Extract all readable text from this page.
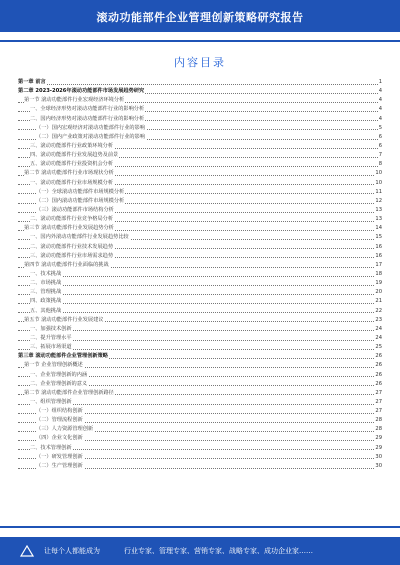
滚动功能部件企业管理创新策略研究报告
内容目录
第一章 前言	1
第二章 2023-2026年滚动功能部件市场发展趋势研究	4
第一节 滚动功能部件行业宏观经济环境分析	4
一、全球经济形势对滚动功能部件行业的影响分析	4
二、国内经济形势对滚动功能部件行业的影响分析	4
（一）国内宏观经济对滚动功能部件行业的影响	5
（二）国内产业政策对滚动功能部件行业的影响	6
三、滚动功能部件行业政策环境分析	6
四、滚动功能部件行业发展趋势及前景	7
五、滚动功能部件行业投资机会分析	8
第二节 滚动功能部件行业市场现状分析	10
一、滚动功能部件行业市场规模分析	10
（一）全球滚动功能部件市场规模分析	11
（二）国内滚动功能部件市场规模分析	12
（三）滚动功能部件市场结构分析	13
二、滚动功能部件行业竞争格局分析	13
第三节 滚动功能部件行业发展趋势分析	14
一、国内外滚动功能部件行业发展趋势比较	15
二、滚动功能部件行业技术发展趋势	16
三、滚动功能部件行业市场需求趋势	16
第四节 滚动功能部件行业面临的挑战	17
一、技术挑战	18
二、市场挑战	19
三、管理挑战	20
四、政策挑战	21
五、其他挑战	22
第五节 滚动功能部件行业发展建议	23
一、加强技术创新	24
二、提升管理水平	24
三、拓展市场渠道	25
第三章 滚动功能部件企业管理创新策略	26
第一节 企业管理创新概述	26
一、企业管理创新的内涵	26
二、企业管理创新的意义	26
第二节 滚动功能部件企业管理创新路径	27
一、组织管理创新	27
（一）组织结构创新	27
（二）管理流程创新	28
（三）人力资源管理创新	28
（四）企业文化创新	29
二、技术管理创新	29
（一）研发管理创新	30
（二）生产管理创新	30
让每个人都能成为	行业专家、管理专家、营销专家、战略专家、成功企业家……
